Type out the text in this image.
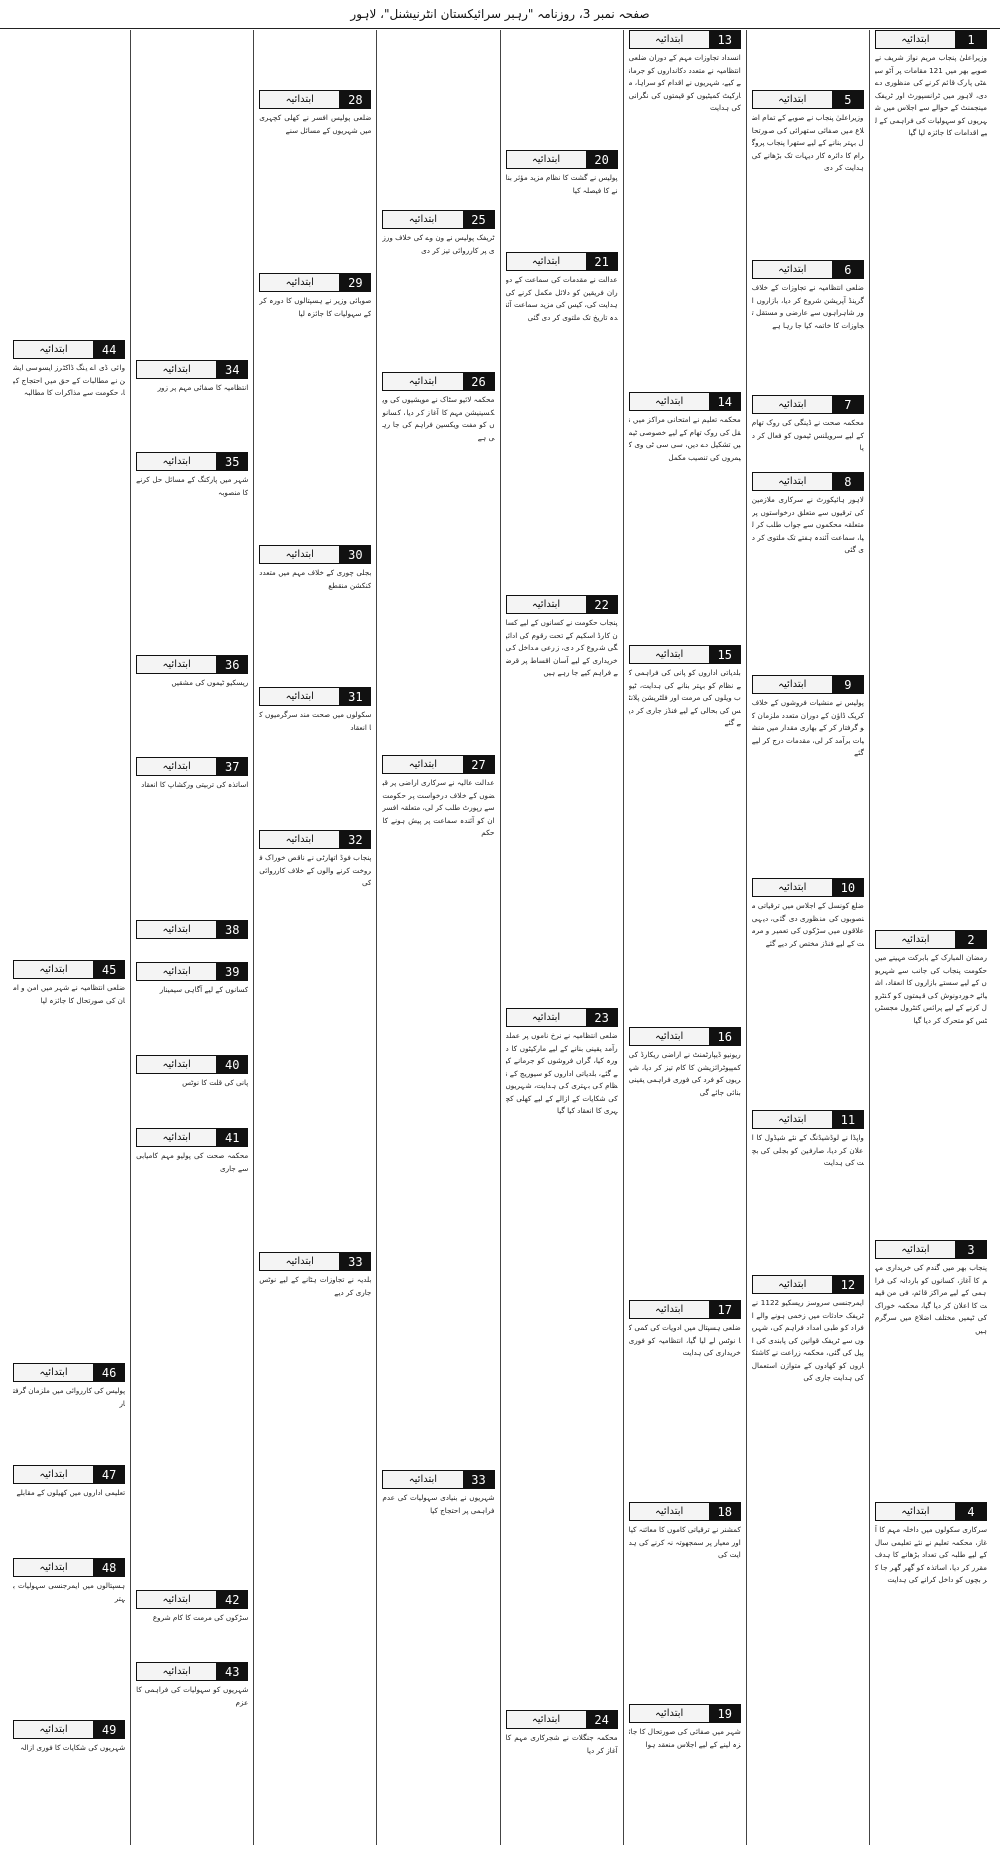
صفحہ نمبر 3، روزنامہ "رہبر سرائیکستان انٹرنیشنل"، لاہور
1
ابتدائیہ
وزیراعلیٰ پنجاب مریم نواز شریف نے صوبے بھر میں 121 مقامات پر آٹو سیفٹی پارک قائم کرنے کی منظوری دے دی، لاہور میں ٹرانسپورٹ اور ٹریفک مینجمنٹ کے حوالے سے اجلاس میں شہریوں کو سہولیات کی فراہمی کے لیے اقدامات کا جائزہ لیا گیا
2
ابتدائیہ
رمضان المبارک کے بابرکت مہینے میں حکومت پنجاب کی جانب سے شہریوں کے لیے سستے بازاروں کا انعقاد، اشیائے خوردونوش کی قیمتوں کو کنٹرول کرنے کے لیے پرائس کنٹرول مجسٹریٹس کو متحرک کر دیا گیا
3
ابتدائیہ
پنجاب بھر میں گندم کی خریداری مہم کا آغاز، کسانوں کو باردانہ کی فراہمی کے لیے مراکز قائم، فی من قیمت کا اعلان کر دیا گیا، محکمہ خوراک کی ٹیمیں مختلف اضلاع میں سرگرم ہیں
4
ابتدائیہ
سرکاری سکولوں میں داخلہ مہم کا آغاز، محکمہ تعلیم نے نئے تعلیمی سال کے لیے طلبہ کی تعداد بڑھانے کا ہدف مقرر کر دیا، اساتذہ کو گھر گھر جا کر بچوں کو داخل کرانے کی ہدایت
5
ابتدائیہ
وزیراعلیٰ پنجاب نے صوبے کے تمام اضلاع میں صفائی ستھرائی کی صورتحال بہتر بنانے کے لیے ستھرا پنجاب پروگرام کا دائرہ کار دیہات تک بڑھانے کی ہدایت کر دی
6
ابتدائیہ
ضلعی انتظامیہ نے تجاوزات کے خلاف گرینڈ آپریشن شروع کر دیا، بازاروں اور شاہراہوں سے عارضی و مستقل تجاوزات کا خاتمہ کیا جا رہا ہے
7
ابتدائیہ
محکمہ صحت نے ڈینگی کی روک تھام کے لیے سرویلنس ٹیموں کو فعال کر دیا
8
ابتدائیہ
لاہور ہائیکورٹ نے سرکاری ملازمین کی ترقیوں سے متعلق درخواستوں پر متعلقہ محکموں سے جواب طلب کر لیا، سماعت آئندہ ہفتے تک ملتوی کر دی گئی
9
ابتدائیہ
پولیس نے منشیات فروشوں کے خلاف کریک ڈاؤن کے دوران متعدد ملزمان کو گرفتار کر کے بھاری مقدار میں منشیات برآمد کر لی، مقدمات درج کر لیے گئے
10
ابتدائیہ
ضلع کونسل کے اجلاس میں ترقیاتی منصوبوں کی منظوری دی گئی، دیہی علاقوں میں سڑکوں کی تعمیر و مرمت کے لیے فنڈز مختص کر دیے گئے
11
ابتدائیہ
واپڈا نے لوڈشیڈنگ کے نئے شیڈول کا اعلان کر دیا، صارفین کو بجلی کی بچت کی ہدایت
12
ابتدائیہ
ایمرجنسی سروسز ریسکیو 1122 نے ٹریفک حادثات میں زخمی ہونے والے افراد کو طبی امداد فراہم کی، شہریوں سے ٹریفک قوانین کی پابندی کی اپیل کی گئی، محکمہ زراعت نے کاشتکاروں کو کھادوں کے متوازن استعمال کی ہدایت جاری کی
13
ابتدائیہ
انسداد تجاوزات مہم کے دوران ضلعی انتظامیہ نے متعدد دکانداروں کو جرمانے کیے، شہریوں نے اقدام کو سراہا، مارکیٹ کمیٹیوں کو قیمتوں کی نگرانی کی ہدایت
14
ابتدائیہ
محکمہ تعلیم نے امتحانی مراکز میں نقل کی روک تھام کے لیے خصوصی ٹیمیں تشکیل دے دیں، سی سی ٹی وی کیمروں کی تنصیب مکمل
15
ابتدائیہ
بلدیاتی اداروں کو پانی کی فراہمی کے نظام کو بہتر بنانے کی ہدایت، ٹیوب ویلوں کی مرمت اور فلٹریشن پلانٹس کی بحالی کے لیے فنڈز جاری کر دیے گئے
16
ابتدائیہ
ریونیو ڈیپارٹمنٹ نے اراضی ریکارڈ کی کمپیوٹرائزیشن کا کام تیز کر دیا، شہریوں کو فرد کی فوری فراہمی یقینی بنائی جائے گی
17
ابتدائیہ
ضلعی ہسپتال میں ادویات کی کمی کا نوٹس لے لیا گیا، انتظامیہ کو فوری خریداری کی ہدایت
18
ابتدائیہ
کمشنر نے ترقیاتی کاموں کا معائنہ کیا اور معیار پر سمجھوتہ نہ کرنے کی ہدایت کی
19
ابتدائیہ
شہر میں صفائی کی صورتحال کا جائزہ لینے کے لیے اجلاس منعقد ہوا
20
ابتدائیہ
پولیس نے گشت کا نظام مزید مؤثر بنانے کا فیصلہ کیا
21
ابتدائیہ
عدالت نے مقدمات کی سماعت کے دوران فریقین کو دلائل مکمل کرنے کی ہدایت کی، کیس کی مزید سماعت آئندہ تاریخ تک ملتوی کر دی گئی
22
ابتدائیہ
پنجاب حکومت نے کسانوں کے لیے کسان کارڈ اسکیم کے تحت رقوم کی ادائیگی شروع کر دی، زرعی مداخل کی خریداری کے لیے آسان اقساط پر قرضے فراہم کیے جا رہے ہیں
23
ابتدائیہ
ضلعی انتظامیہ نے نرخ ناموں پر عملدرآمد یقینی بنانے کے لیے مارکیٹوں کا دورہ کیا، گراں فروشوں کو جرمانے کیے گئے، بلدیاتی اداروں کو سیوریج کے نظام کی بہتری کی ہدایت، شہریوں کی شکایات کے ازالے کے لیے کھلی کچہری کا انعقاد کیا گیا
24
ابتدائیہ
محکمہ جنگلات نے شجرکاری مہم کا آغاز کر دیا
25
ابتدائیہ
ٹریفک پولیس نے ون وے کی خلاف ورزی پر کارروائی تیز کر دی
26
ابتدائیہ
محکمہ لائیو سٹاک نے مویشیوں کی ویکسینیشن مہم کا آغاز کر دیا، کسانوں کو مفت ویکسین فراہم کی جا رہی ہے
27
ابتدائیہ
عدالت عالیہ نے سرکاری اراضی پر قبضوں کے خلاف درخواست پر حکومت سے رپورٹ طلب کر لی، متعلقہ افسران کو آئندہ سماعت پر پیش ہونے کا حکم
33
ابتدائیہ
شہریوں نے بنیادی سہولیات کی عدم فراہمی پر احتجاج کیا
28
ابتدائیہ
ضلعی پولیس افسر نے کھلی کچہری میں شہریوں کے مسائل سنے
29
ابتدائیہ
صوبائی وزیر نے ہسپتالوں کا دورہ کر کے سہولیات کا جائزہ لیا
30
ابتدائیہ
بجلی چوری کے خلاف مہم میں متعدد کنکشن منقطع
31
ابتدائیہ
سکولوں میں صحت مند سرگرمیوں کا انعقاد
32
ابتدائیہ
پنجاب فوڈ اتھارٹی نے ناقص خوراک فروخت کرنے والوں کے خلاف کارروائی کی
33
ابتدائیہ
بلدیہ نے تجاوزات ہٹانے کے لیے نوٹس جاری کر دیے
34
ابتدائیہ
انتظامیہ کا صفائی مہم پر زور
35
ابتدائیہ
شہر میں پارکنگ کے مسائل حل کرنے کا منصوبہ
36
ابتدائیہ
ریسکیو ٹیموں کی مشقیں
37
ابتدائیہ
اساتذہ کی تربیتی ورکشاپ کا انعقاد
38
ابتدائیہ
39
ابتدائیہ
کسانوں کے لیے آگاہی سیمینار
40
ابتدائیہ
پانی کی قلت کا نوٹس
41
ابتدائیہ
محکمہ صحت کی پولیو مہم کامیابی سے جاری
42
ابتدائیہ
سڑکوں کی مرمت کا کام شروع
43
ابتدائیہ
شہریوں کو سہولیات کی فراہمی کا عزم
44
ابتدائیہ
وائی ڈی اے ینگ ڈاکٹرز ایسوسی ایشن نے مطالبات کے حق میں احتجاج کیا، حکومت سے مذاکرات کا مطالبہ
45
ابتدائیہ
ضلعی انتظامیہ نے شہر میں امن و امان کی صورتحال کا جائزہ لیا
46
ابتدائیہ
پولیس کی کارروائی میں ملزمان گرفتار
47
ابتدائیہ
تعلیمی اداروں میں کھیلوں کے مقابلے
48
ابتدائیہ
ہسپتالوں میں ایمرجنسی سہولیات بہتر
49
ابتدائیہ
شہریوں کی شکایات کا فوری ازالہ
